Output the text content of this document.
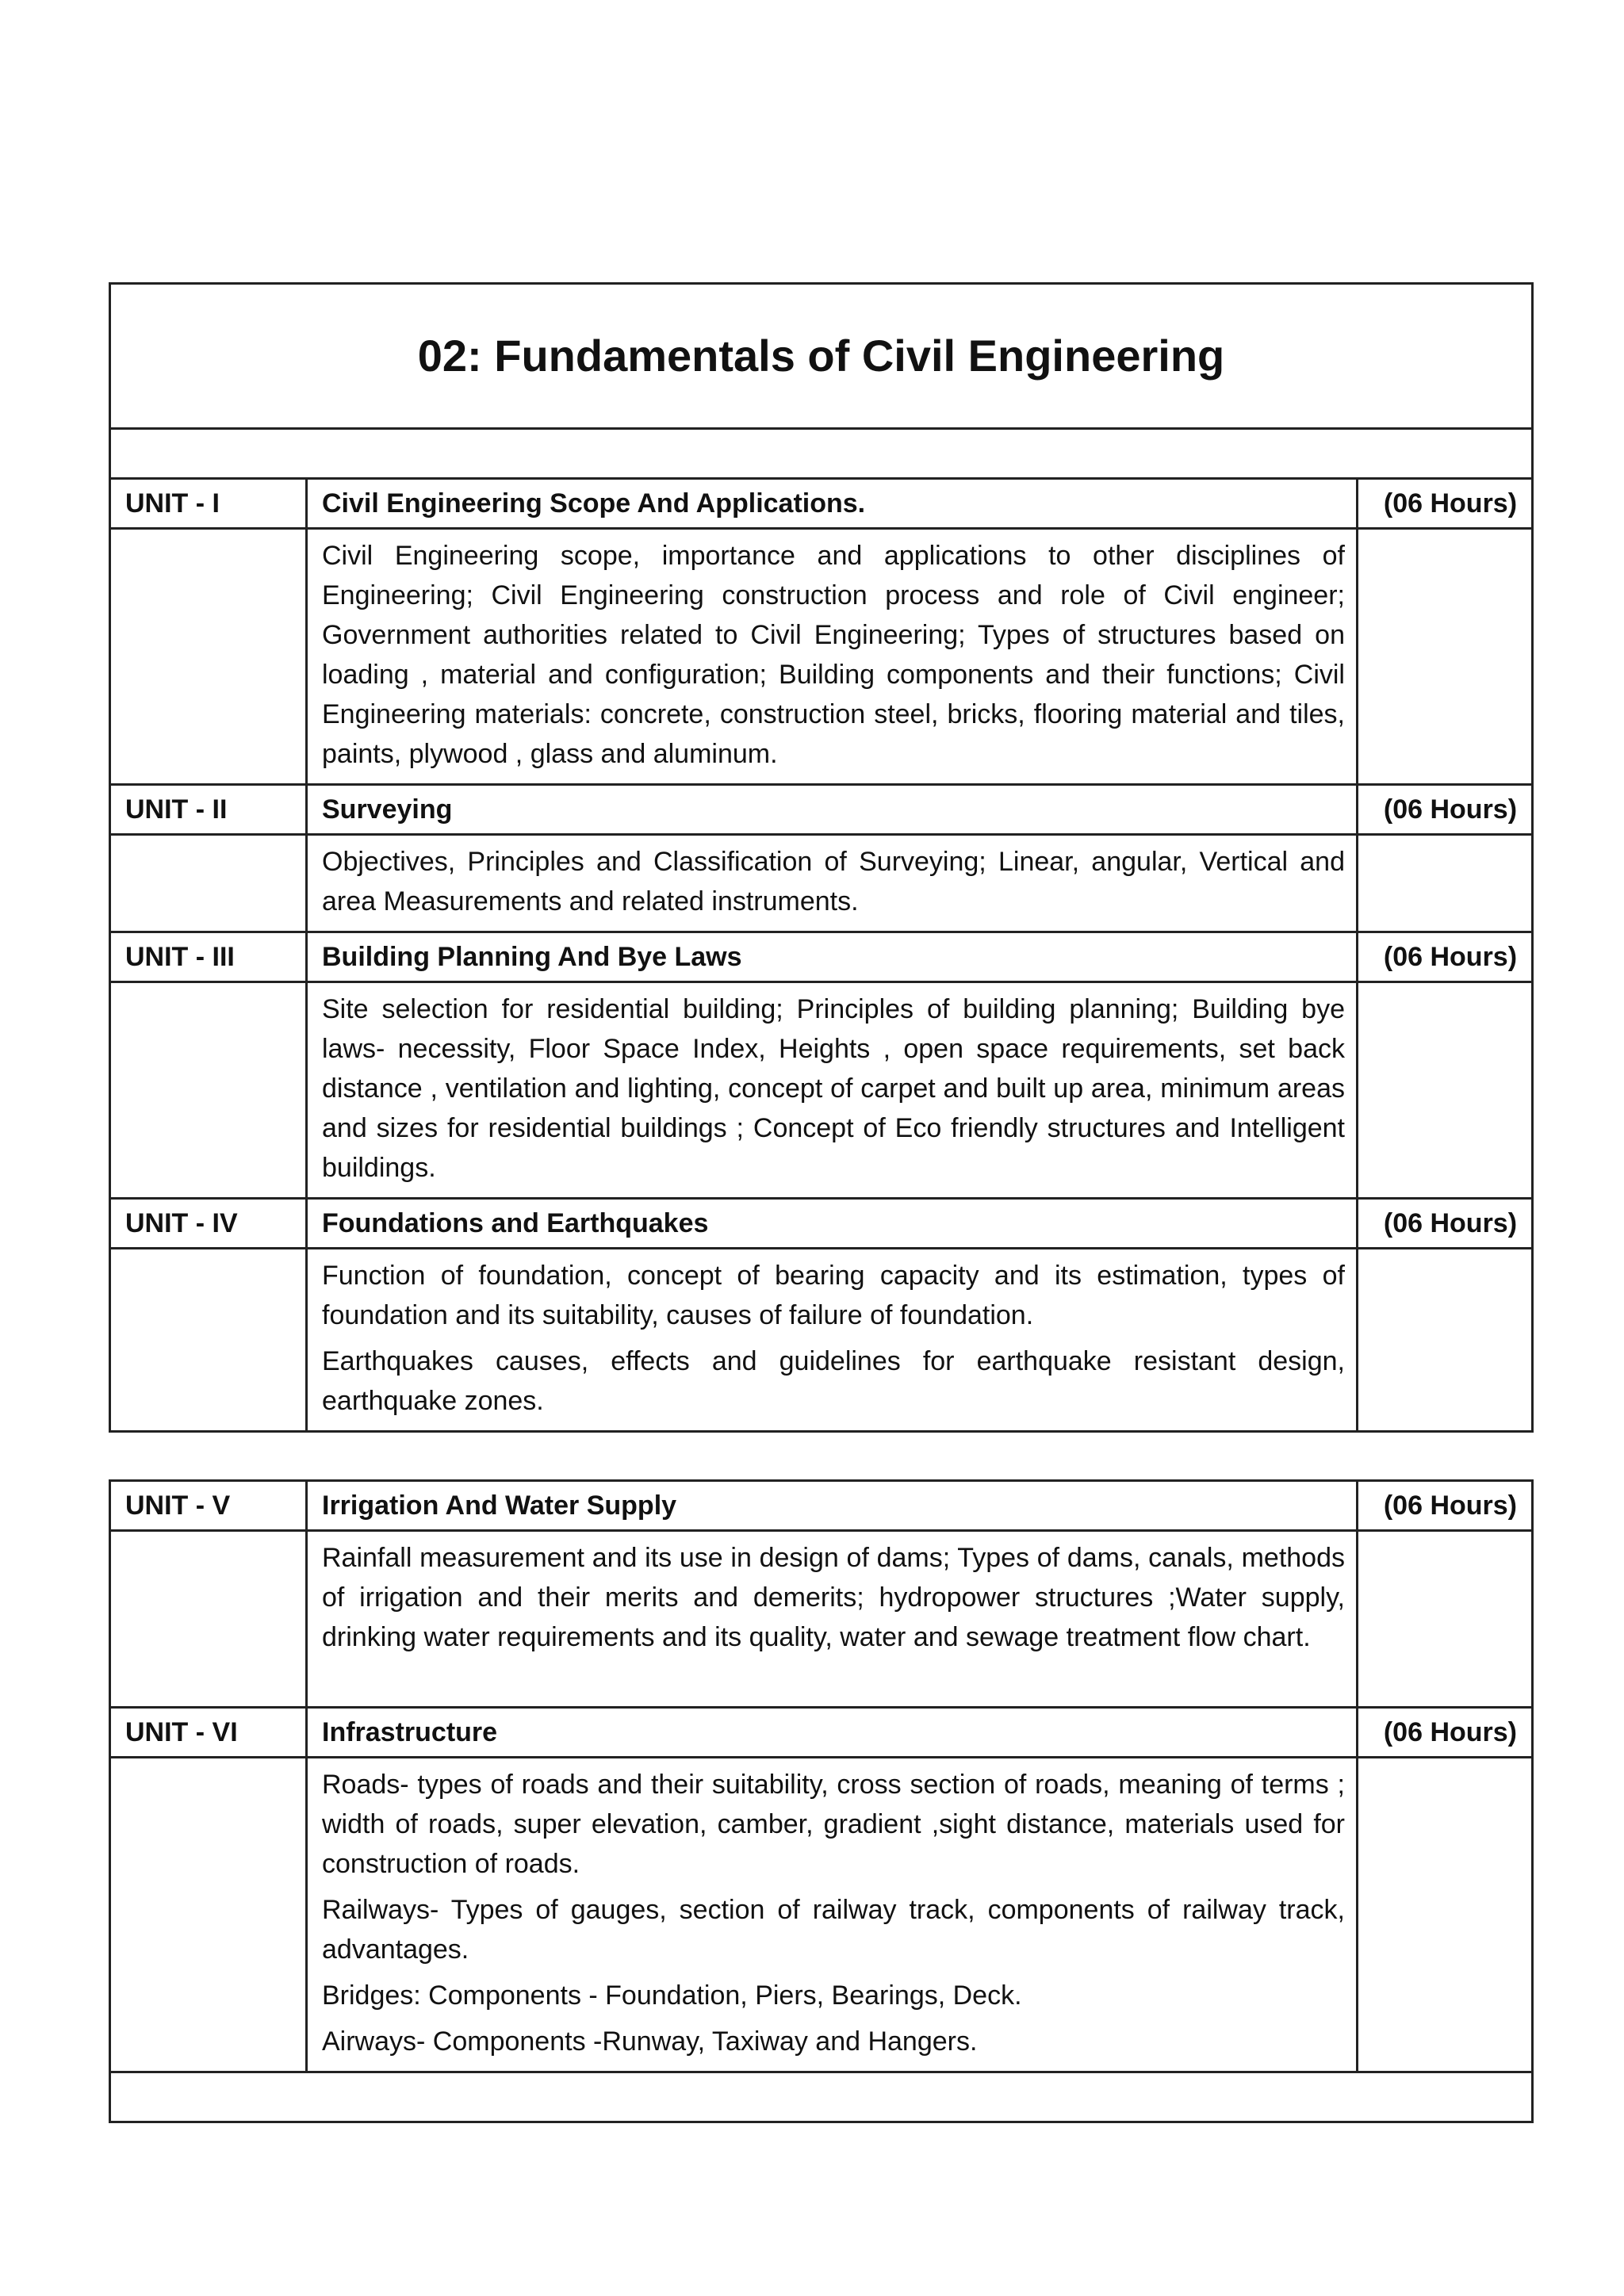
02: Fundamentals of Civil Engineering		

UNIT - I	Civil Engineering Scope And Applications.	(06 Hours)

	Civil Engineering scope, importance and applications to other disciplines of Engineering; Civil Engineering construction process and role of Civil engineer; Government authorities related to Civil Engineering; Types of structures based on loading , material and configuration; Building components and their functions; Civil Engineering materials: concrete, construction steel, bricks, flooring material and tiles, paints, plywood , glass and aluminum.	

UNIT - II	Surveying	(06 Hours)

	Objectives, Principles and Classification of Surveying; Linear, angular, Vertical and area Measurements and related instruments.	

UNIT - III	Building Planning And Bye Laws	(06 Hours)

	Site selection for residential building; Principles of building planning; Building bye laws- necessity, Floor Space Index, Heights , open space requirements, set back distance , ventilation and lighting, concept of carpet and built up area, minimum areas and sizes for residential buildings ; Concept of Eco friendly structures and Intelligent buildings.	

UNIT - IV	Foundations and Earthquakes	(06 Hours)

	Function of foundation, concept of bearing capacity and its estimation, types of foundation and its suitability, causes of failure of foundation.

Earthquakes causes, effects and guidelines for earthquake resistant design, earthquake zones.	

UNIT - V	Irrigation And Water Supply	(06 Hours)

	Rainfall measurement and its use in design of dams; Types of dams, canals, methods of irrigation and their merits and demerits; hydropower structures ;Water supply, drinking water requirements and its quality, water and sewage treatment flow chart.	

UNIT - VI	Infrastructure	(06 Hours)

	Roads- types of roads and their suitability, cross section of roads, meaning of terms ; width of roads, super elevation, camber, gradient ,sight distance, materials used for construction of roads.

Railways- Types of gauges, section of railway track, components of railway track, advantages.

Bridges: Components - Foundation, Piers, Bearings, Deck.

Airways- Components -Runway, Taxiway and Hangers.	
